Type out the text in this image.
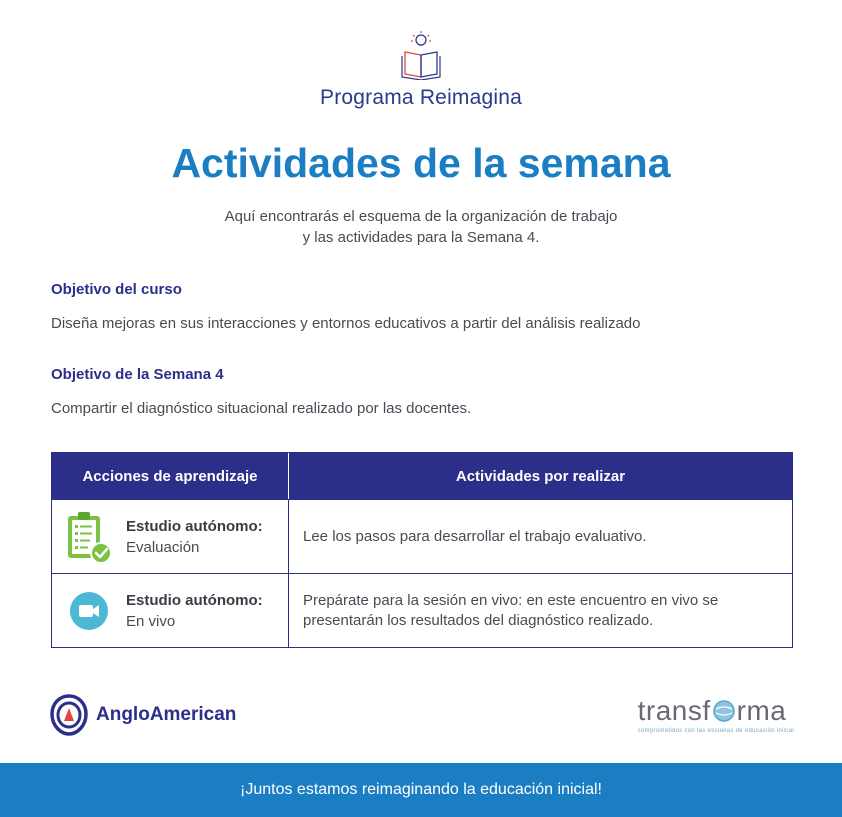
Programa Reimagina
Actividades de la semana
Aquí encontrarás el esquema de la organización de trabajo
y las actividades para la Semana 4.
Objetivo del curso
Diseña mejoras en sus interacciones y entornos educativos a partir del análisis realizado
Objetivo de la Semana 4
Compartir el diagnóstico situacional realizado por las docentes.
Acciones de aprendizaje	Actividades por realizar
Estudio autónomo:
Evaluación
Lee los pasos para desarrollar el trabajo evaluativo.
Estudio autónomo:
En vivo
Prepárate para la sesión en vivo: en este encuentro en vivo se presentarán los resultados del diagnóstico realizado.
AngloAmerican	transf rma
comprometidos con las escuelas de educación inicial
¡Juntos estamos reimaginando la educación inicial!
